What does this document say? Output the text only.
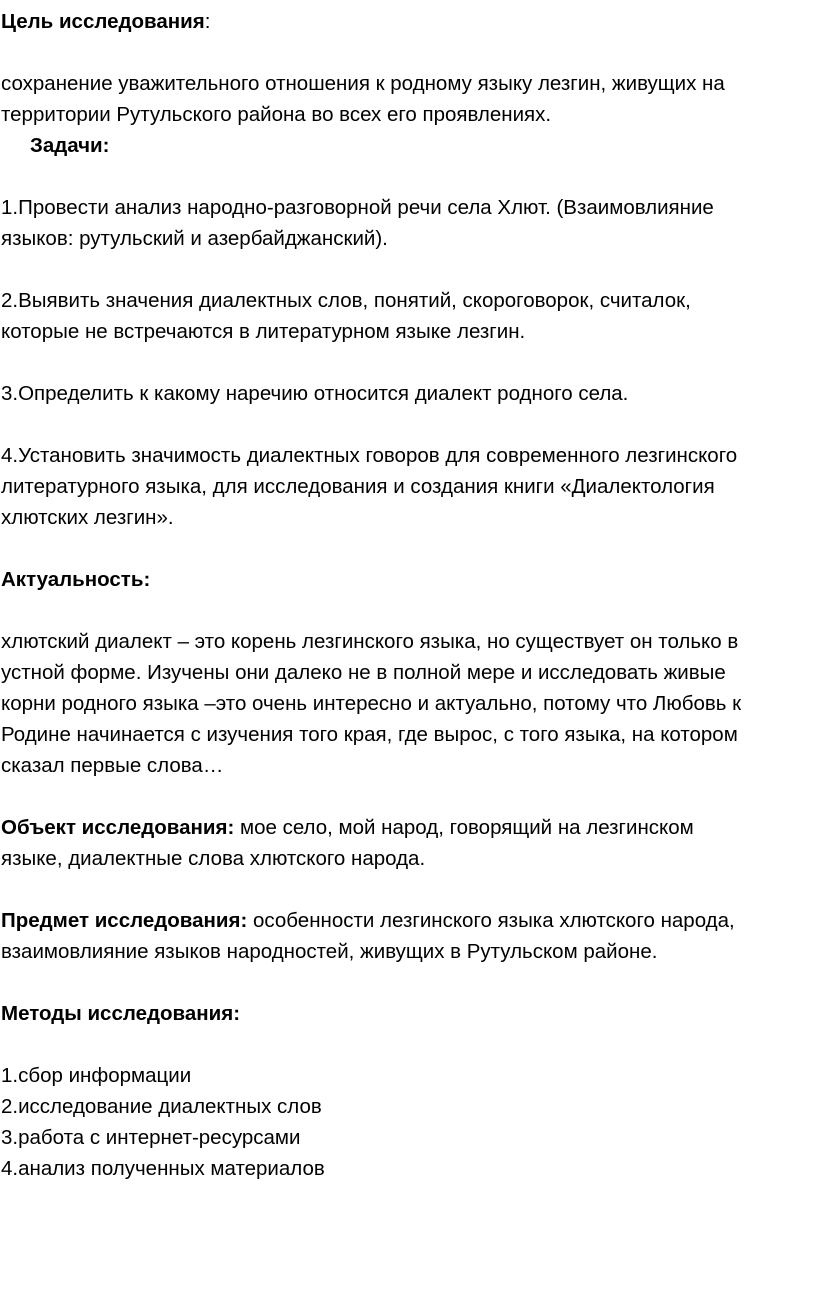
Цель исследования:
сохранение уважительного отношения к родному языку лезгин, живущих на
территории Рутульского района во всех его проявлениях.
Задачи:
1.Провести анализ народно-разговорной речи села Хлют. (Взаимовлияние
языков: рутульский и азербайджанский).
2.Выявить значения диалектных слов, понятий, скороговорок, считалок,
которые не встречаются в литературном языке лезгин.
3.Определить к какому наречию относится диалект родного села.
4.Установить значимость диалектных говоров для современного лезгинского
литературного языка, для исследования и создания книги «Диалектология
хлютских лезгин».
Актуальность:
хлютский диалект – это корень лезгинского языка, но существует он только в
устной форме. Изучены они далеко не в полной мере и исследовать живые
корни родного языка –это очень интересно и актуально, потому что Любовь к
Родине начинается с изучения того края, где вырос, с того языка, на котором
сказал первые слова…
Объект исследования: мое село, мой народ, говорящий на лезгинском
языке, диалектные слова хлютского народа.
Предмет исследования: особенности лезгинского языка хлютского народа,
взаимовлияние языков народностей, живущих в Рутульском районе.
Методы исследования:
1.сбор информации
2.исследование диалектных слов
3.работа с интернет-ресурсами
4.анализ полученных материалов
